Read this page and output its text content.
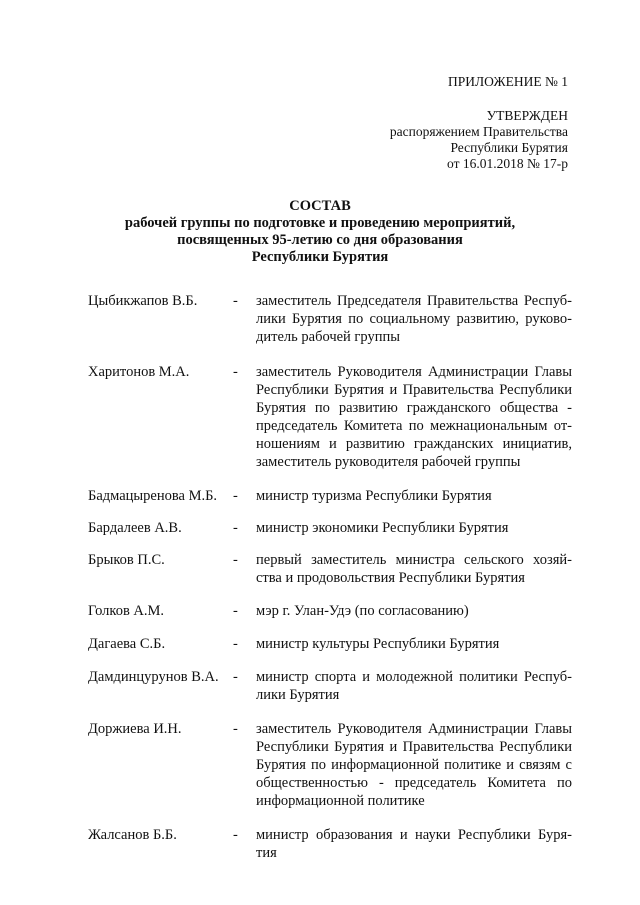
ПРИЛОЖЕНИЕ № 1
УТВЕРЖДЕН
распоряжением Правительства
Республики Бурятия
от 16.01.2018 № 17-р
СОСТАВ
рабочей группы по подготовке и проведению мероприятий,
посвященных 95-летию со дня образования
Республики Бурятия
Цыбикжапов В.Б.	-	заместитель Председателя Правительства Респуб-
лики Бурятия по социальному развитию, руково-
дитель рабочей группы
Харитонов М.А.	-	заместитель Руководителя Администрации Главы
Республики Бурятия и Правительства Республики
Бурятия по развитию гражданского общества -
председатель Комитета по межнациональным от-
ношениям и развитию гражданских инициатив,
заместитель руководителя рабочей группы
Бадмацыренова М.Б.	-	министр туризма Республики Бурятия
Бардалеев А.В.	-	министр экономики Республики Бурятия
Брыков П.С.	-	первый заместитель министра сельского хозяй-
ства и продовольствия Республики Бурятия
Голков А.М.	-	мэр г. Улан-Удэ (по согласованию)
Дагаева С.Б.	-	министр культуры Республики Бурятия
Дамдинцурунов В.А. -	министр спорта и молодежной политики Респуб-
лики Бурятия
Доржиева И.Н.	-	заместитель Руководителя Администрации Главы
Республики Бурятия и Правительства Республики
Бурятия по информационной политике и связям с
общественностью - председатель Комитета по
информационной политике
Жалсанов Б.Б.	-	министр образования и науки Республики Буря-
тия
